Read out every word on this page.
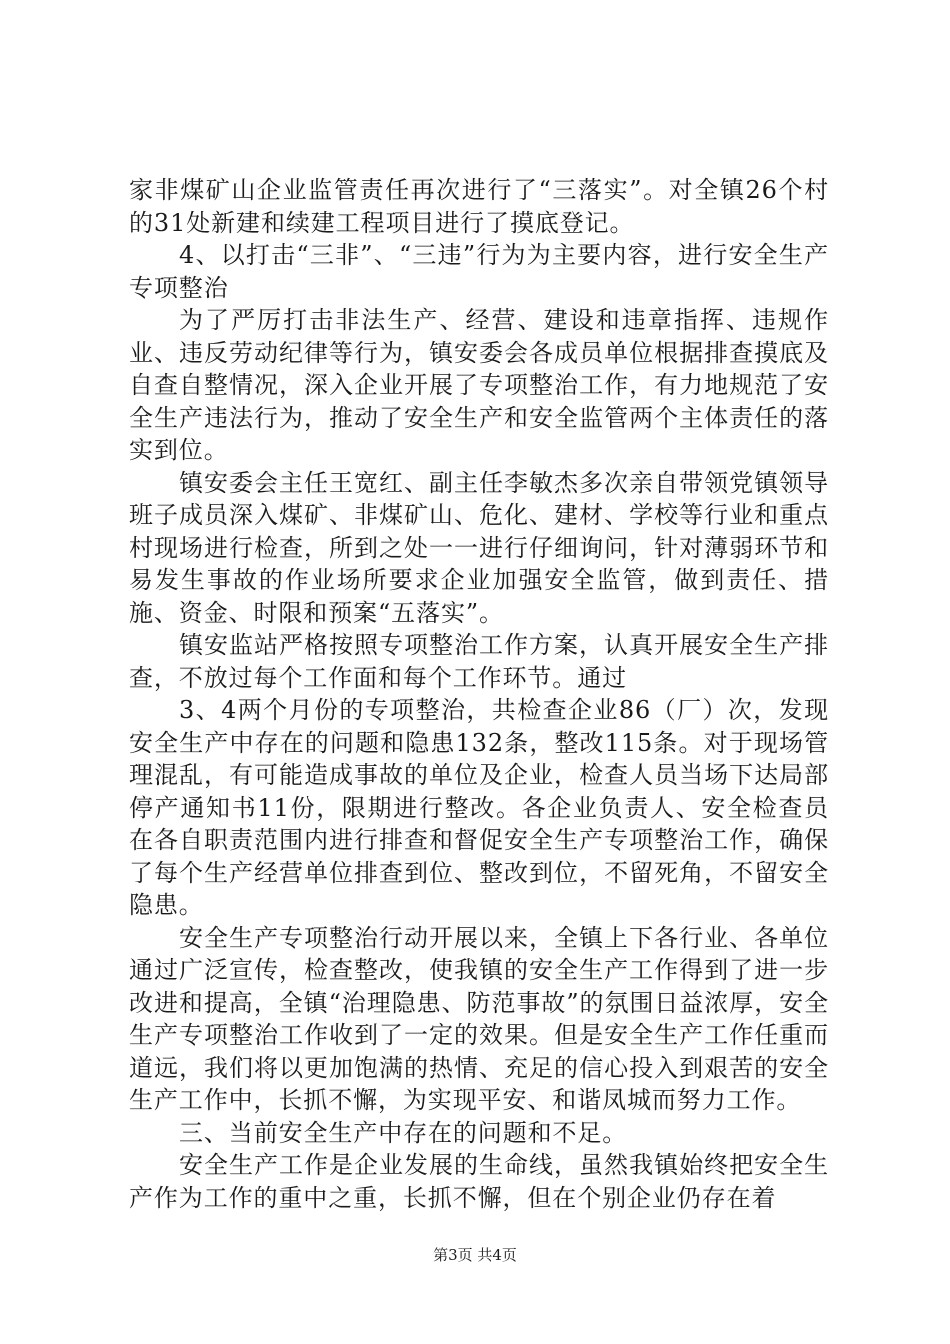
家非煤矿山企业监管责任再次进行了“三落实”。对全镇26个村的31处新建和续建工程项目进行了摸底登记。

4、以打击“三非”、“三违”行为为主要内容，进行安全生产专项整治

为了严厉打击非法生产、经营、建设和违章指挥、违规作业、违反劳动纪律等行为，镇安委会各成员单位根据排查摸底及自查自整情况，深入企业开展了专项整治工作，有力地规范了安全生产违法行为，推动了安全生产和安全监管两个主体责任的落实到位。

镇安委会主任王宽红、副主任李敏杰多次亲自带领党镇领导班子成员深入煤矿、非煤矿山、危化、建材、学校等行业和重点村现场进行检查，所到之处一一进行仔细询问，针对薄弱环节和易发生事故的作业场所要求企业加强安全监管，做到责任、措施、资金、时限和预案“五落实”。

镇安监站严格按照专项整治工作方案，认真开展安全生产排查，不放过每个工作面和每个工作环节。通过

3、4两个月份的专项整治，共检查企业86（厂）次，发现安全生产中存在的问题和隐患132条，整改115条。对于现场管理混乱，有可能造成事故的单位及企业，检查人员当场下达局部停产通知书11份，限期进行整改。各企业负责人、安全检查员在各自职责范围内进行排查和督促安全生产专项整治工作，确保了每个生产经营单位排查到位、整改到位，不留死角，不留安全隐患。

安全生产专项整治行动开展以来，全镇上下各行业、各单位通过广泛宣传，检查整改，使我镇的安全生产工作得到了进一步改进和提高，全镇“治理隐患、防范事故”的氛围日益浓厚，安全生产专项整治工作收到了一定的效果。但是安全生产工作任重而道远，我们将以更加饱满的热情、充足的信心投入到艰苦的安全生产工作中，长抓不懈，为实现平安、和谐凤城而努力工作。

三、当前安全生产中存在的问题和不足。

安全生产工作是企业发展的生命线，虽然我镇始终把安全生产作为工作的重中之重，长抓不懈，但在个别企业仍存在着

第3页 共4页
